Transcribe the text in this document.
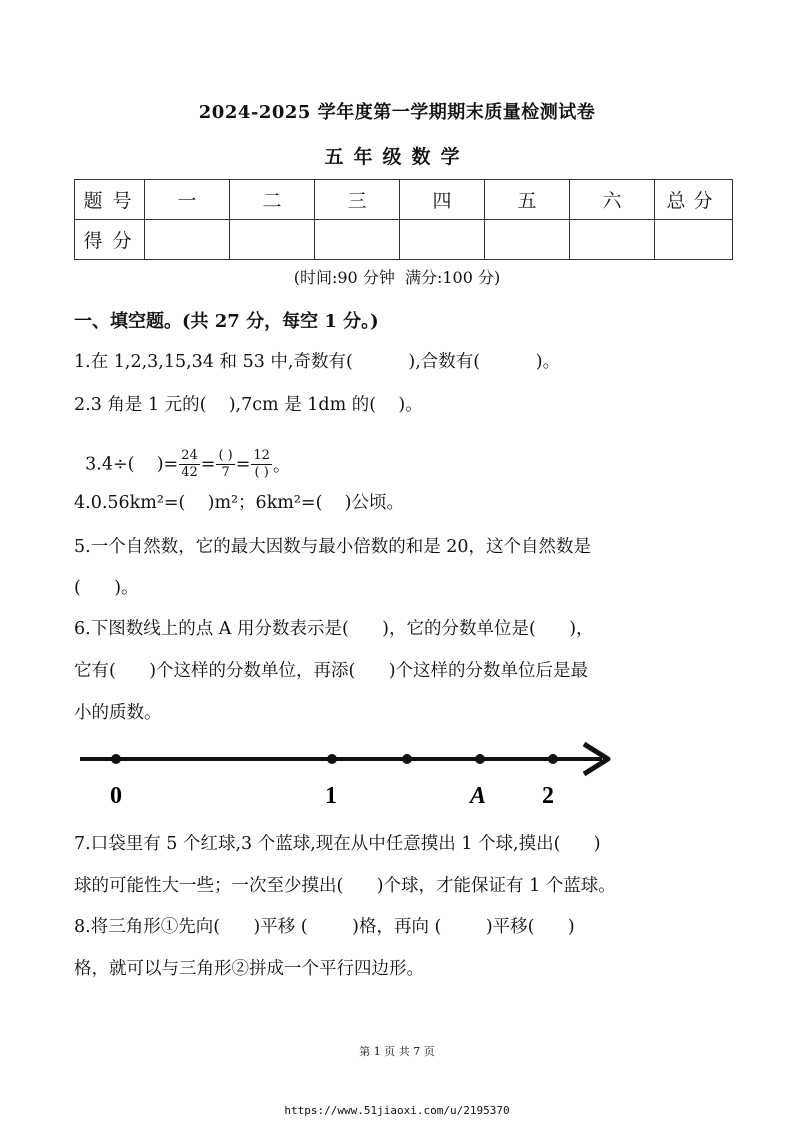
2024-2025 学年度第一学期期末质量检测试卷
五年级数学
题号	一	二	三	四	五	六	总分
得分							
(时间:90 分钟  满分:100 分)
一、填空题。(共 27 分，每空 1 分。)
1.在 1,2,3,15,34 和 53 中,奇数有(          ),合数有(          )。
2.3 角是 1 元的(    ),7cm 是 1dm 的(    )。

3.4÷(    )= $\frac{24}{42} = \frac{( )}{7} = \frac{12}{( )}$ 。

4.0.56km²=(    )m²；6km²=(    )公顷。
5.一个自然数，它的最大因数与最小倍数的和是 20，这个自然数是
(      )。
6.下图数线上的点 A 用分数表示是(      )，它的分数单位是(      )，
它有(      )个这样的分数单位，再添(      )个这样的分数单位后是最
小的质数。
0	1	A 2
7.口袋里有 5 个红球,3 个蓝球,现在从中任意摸出 1 个球,摸出(      )
球的可能性大一些；一次至少摸出(      )个球，才能保证有 1 个蓝球。
8.将三角形①先向(      )平移 (        )格，再向 (        )平移(      )
格，就可以与三角形②拼成一个平行四边形。
第 1 页 共 7 页
https://www.51jiaoxi.com/u/2195370
